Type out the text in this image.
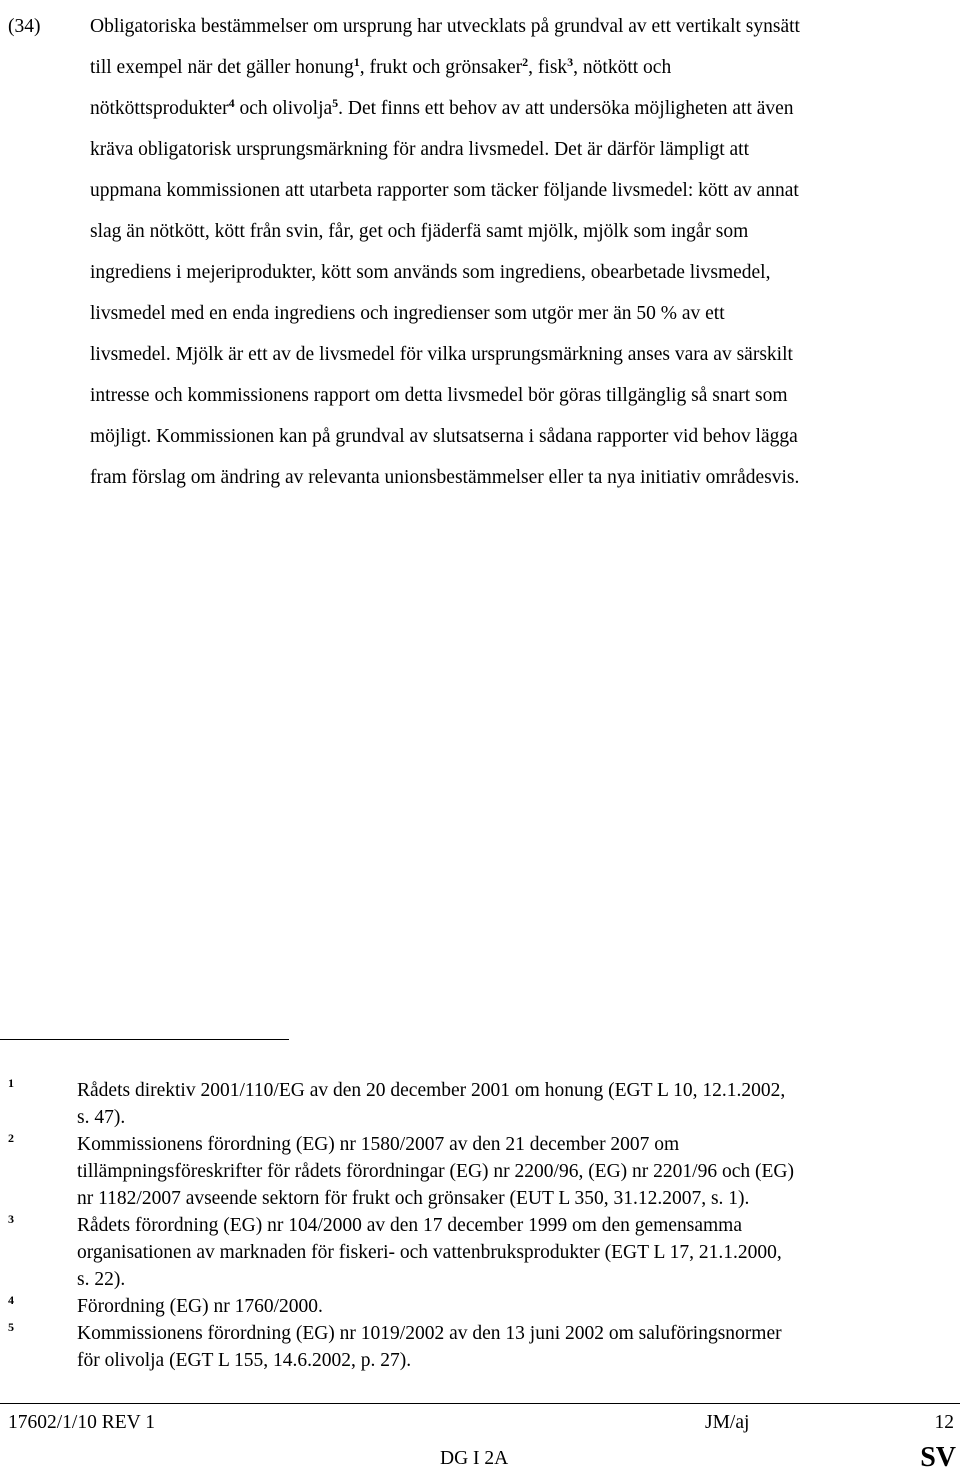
(34)	Obligatoriska bestämmelser om ursprung har utvecklats på grundval av ett vertikalt synsätt
till exempel när det gäller honung$^1$, frukt och grönsaker$^2$, fisk$^3$, nötkött och
nötköttsprodukter$^4$ och olivolja$^5$. Det finns ett behov av att undersöka möjligheten att även
kräva obligatorisk ursprungsmärkning för andra livsmedel. Det är därför lämpligt att
uppmana kommissionen att utarbeta rapporter som täcker följande livsmedel: kött av annat
slag än nötkött, kött från svin, får, get och fjäderfä samt mjölk, mjölk som ingår som
ingrediens i mejeriprodukter, kött som används som ingrediens, obearbetade livsmedel,
livsmedel med en enda ingrediens och ingredienser som utgör mer än 50 % av ett
livsmedel. Mjölk är ett av de livsmedel för vilka ursprungsmärkning anses vara av särskilt
intresse och kommissionens rapport om detta livsmedel bör göras tillgänglig så snart som
möjligt. Kommissionen kan på grundval av slutsatserna i sådana rapporter vid behov lägga
fram förslag om ändring av relevanta unionsbestämmelser eller ta nya initiativ områdesvis.
1	Rådets direktiv 2001/110/EG av den 20 december 2001 om honung (EGT L 10, 12.1.2002,
s. 47).
2	Kommissionens förordning (EG) nr 1580/2007 av den 21 december 2007 om
tillämpningsföreskrifter för rådets förordningar (EG) nr 2200/96, (EG) nr 2201/96 och (EG)
nr 1182/2007 avseende sektorn för frukt och grönsaker (EUT L 350, 31.12.2007, s. 1).
3	Rådets förordning (EG) nr 104/2000 av den 17 december 1999 om den gemensamma
organisationen av marknaden för fiskeri- och vattenbruksprodukter (EGT L 17, 21.1.2000,
s. 22).
4	Förordning (EG) nr 1760/2000.
5	Kommissionens förordning (EG) nr 1019/2002 av den 13 juni 2002 om saluföringsnormer
för olivolja (EGT L 155, 14.6.2002, p. 27).
17602/1/10 REV 1	JM/aj	12
DG I 2A	SV
